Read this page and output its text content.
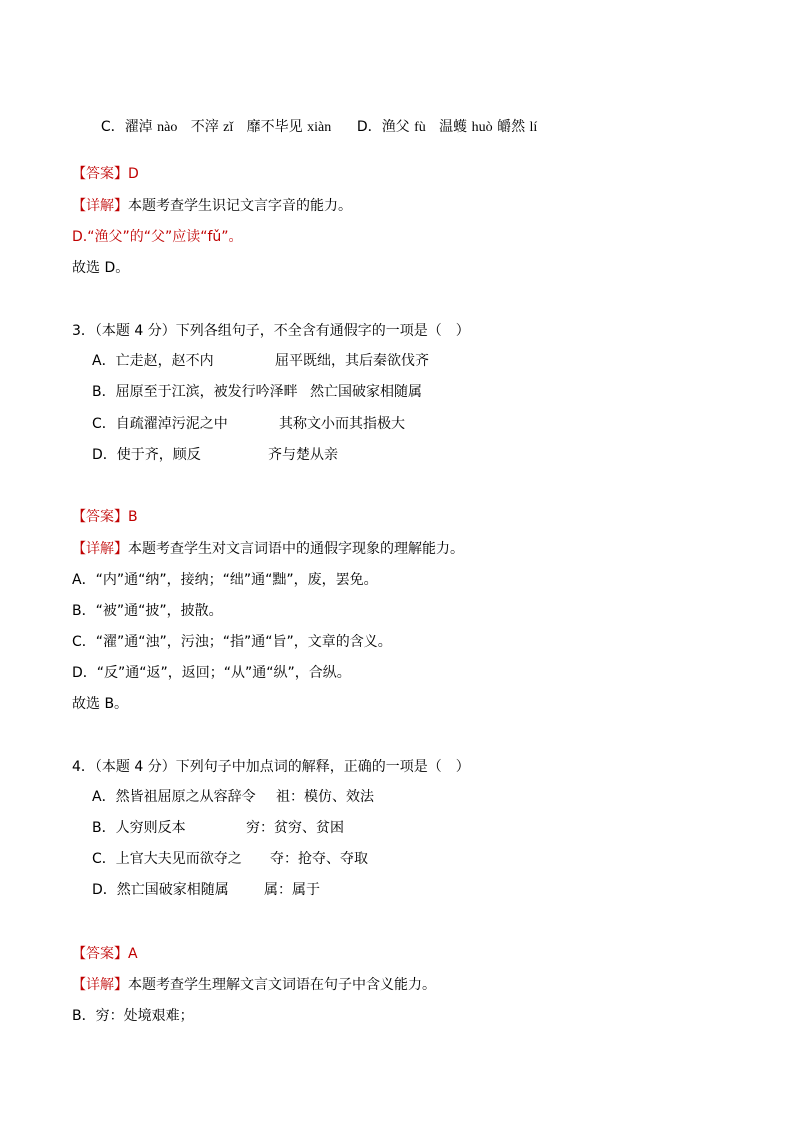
C．濯淖 nào 不滓 zǐ 靡不毕见 xiàn	D．渔父 fù 温蠖 huò 皭然 lí

【答案】D
【详解】本题考查学生识记文言字音的能力。
D.“渔父”的“父”应读“fǔ”。
故选 D。
3．（本题 4 分）下列各组句子，不全含有通假字的一项是（　）
A．亡走赵，赵不内	屈平既绌，其后秦欲伐齐
B．屈原至于江滨，被发行吟泽畔 然亡国破家相随属
C．自疏濯淖污泥之中	其称文小而其指极大
D．使于齐，顾反	齐与楚从亲
【答案】B
【详解】本题考查学生对文言词语中的通假字现象的理解能力。
A．“内”通“纳”，接纳；“绌”通“黜”，废，罢免。
B．“被”通“披”，披散。
C．“濯”通“浊”，污浊；“指”通“旨”，文章的含义。
D．“反”通“返”，返回；“从”通“纵”，合纵。
故选 B。
4．（本题 4 分）下列句子中加点词的解释，正确的一项是（　）
A．然皆祖屈原之从容辞令 祖：模仿、效法
B．人穷则反本	穷：贫穷、贫困
C．上官大夫见而欲夺之 夺：抢夺、夺取
D．然亡国破家相随属	属：属于
【答案】A
【详解】本题考查学生理解文言文词语在句子中含义能力。
B．穷：处境艰难；
